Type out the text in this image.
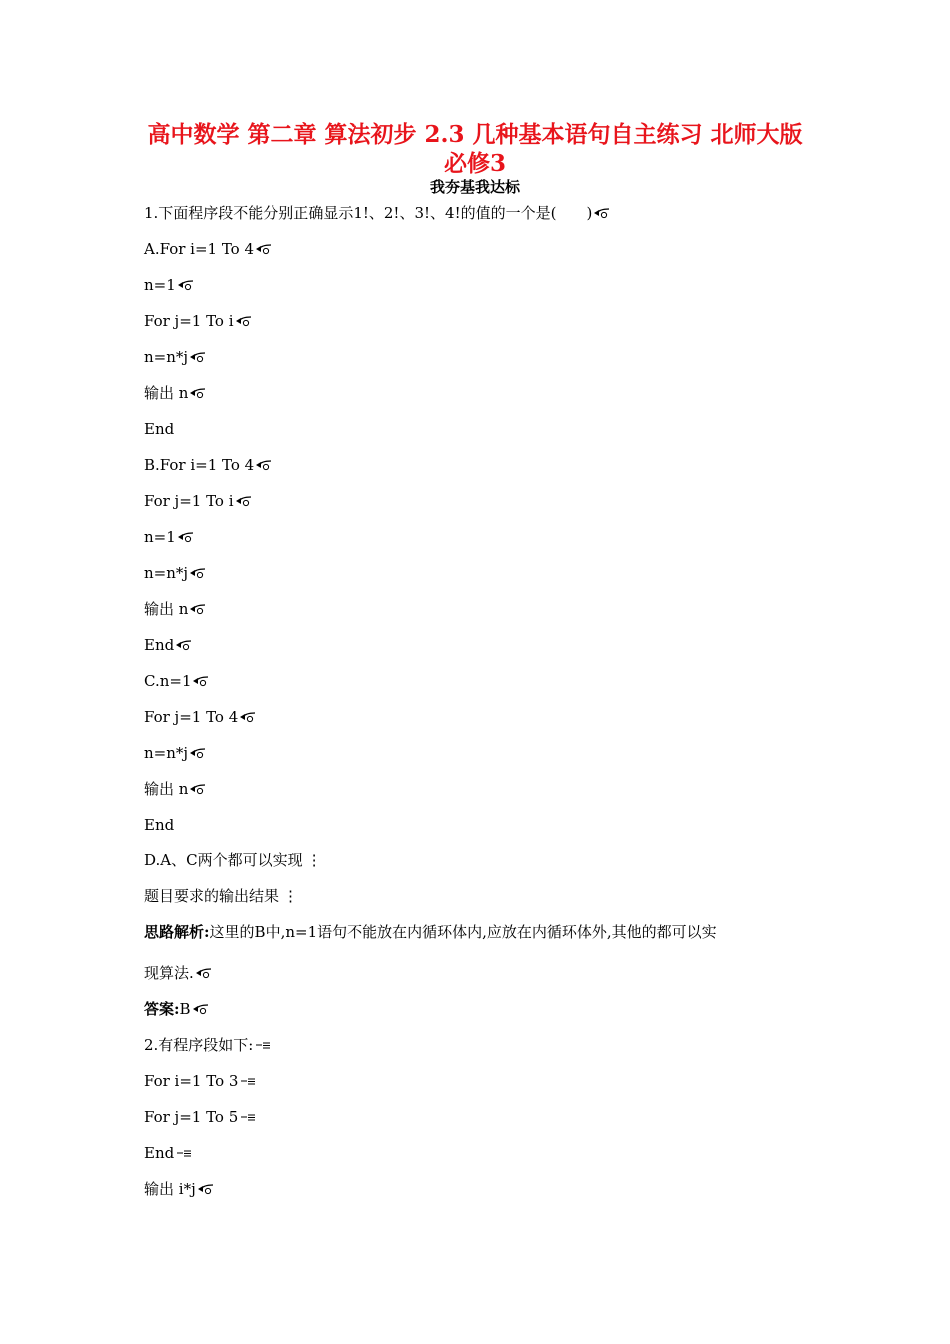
高中数学 第二章 算法初步 2.3 几种基本语句自主练习 北师大版
必修3
我夯基我达标
1.下面程序段不能分别正确显示1!、2!、3!、4!的值的一个是(　　)
A.For i=1 To 4
n=1
For j=1 To i
n=n*j
输出 n
End
B.For i=1 To 4
For j=1 To i
n=1
n=n*j
输出 n
End
C.n=1
For j=1 To 4
n=n*j
输出 n
End
D.A、C两个都可以实现 ⋮
题目要求的输出结果 ⋮
思路解析:这里的B中,n=1语句不能放在内循环体内,应放在内循环体外,其他的都可以实
现算法.
答案:B
2.有程序段如下:
For i=1 To 3
For j=1 To 5
End
输出 i*j
